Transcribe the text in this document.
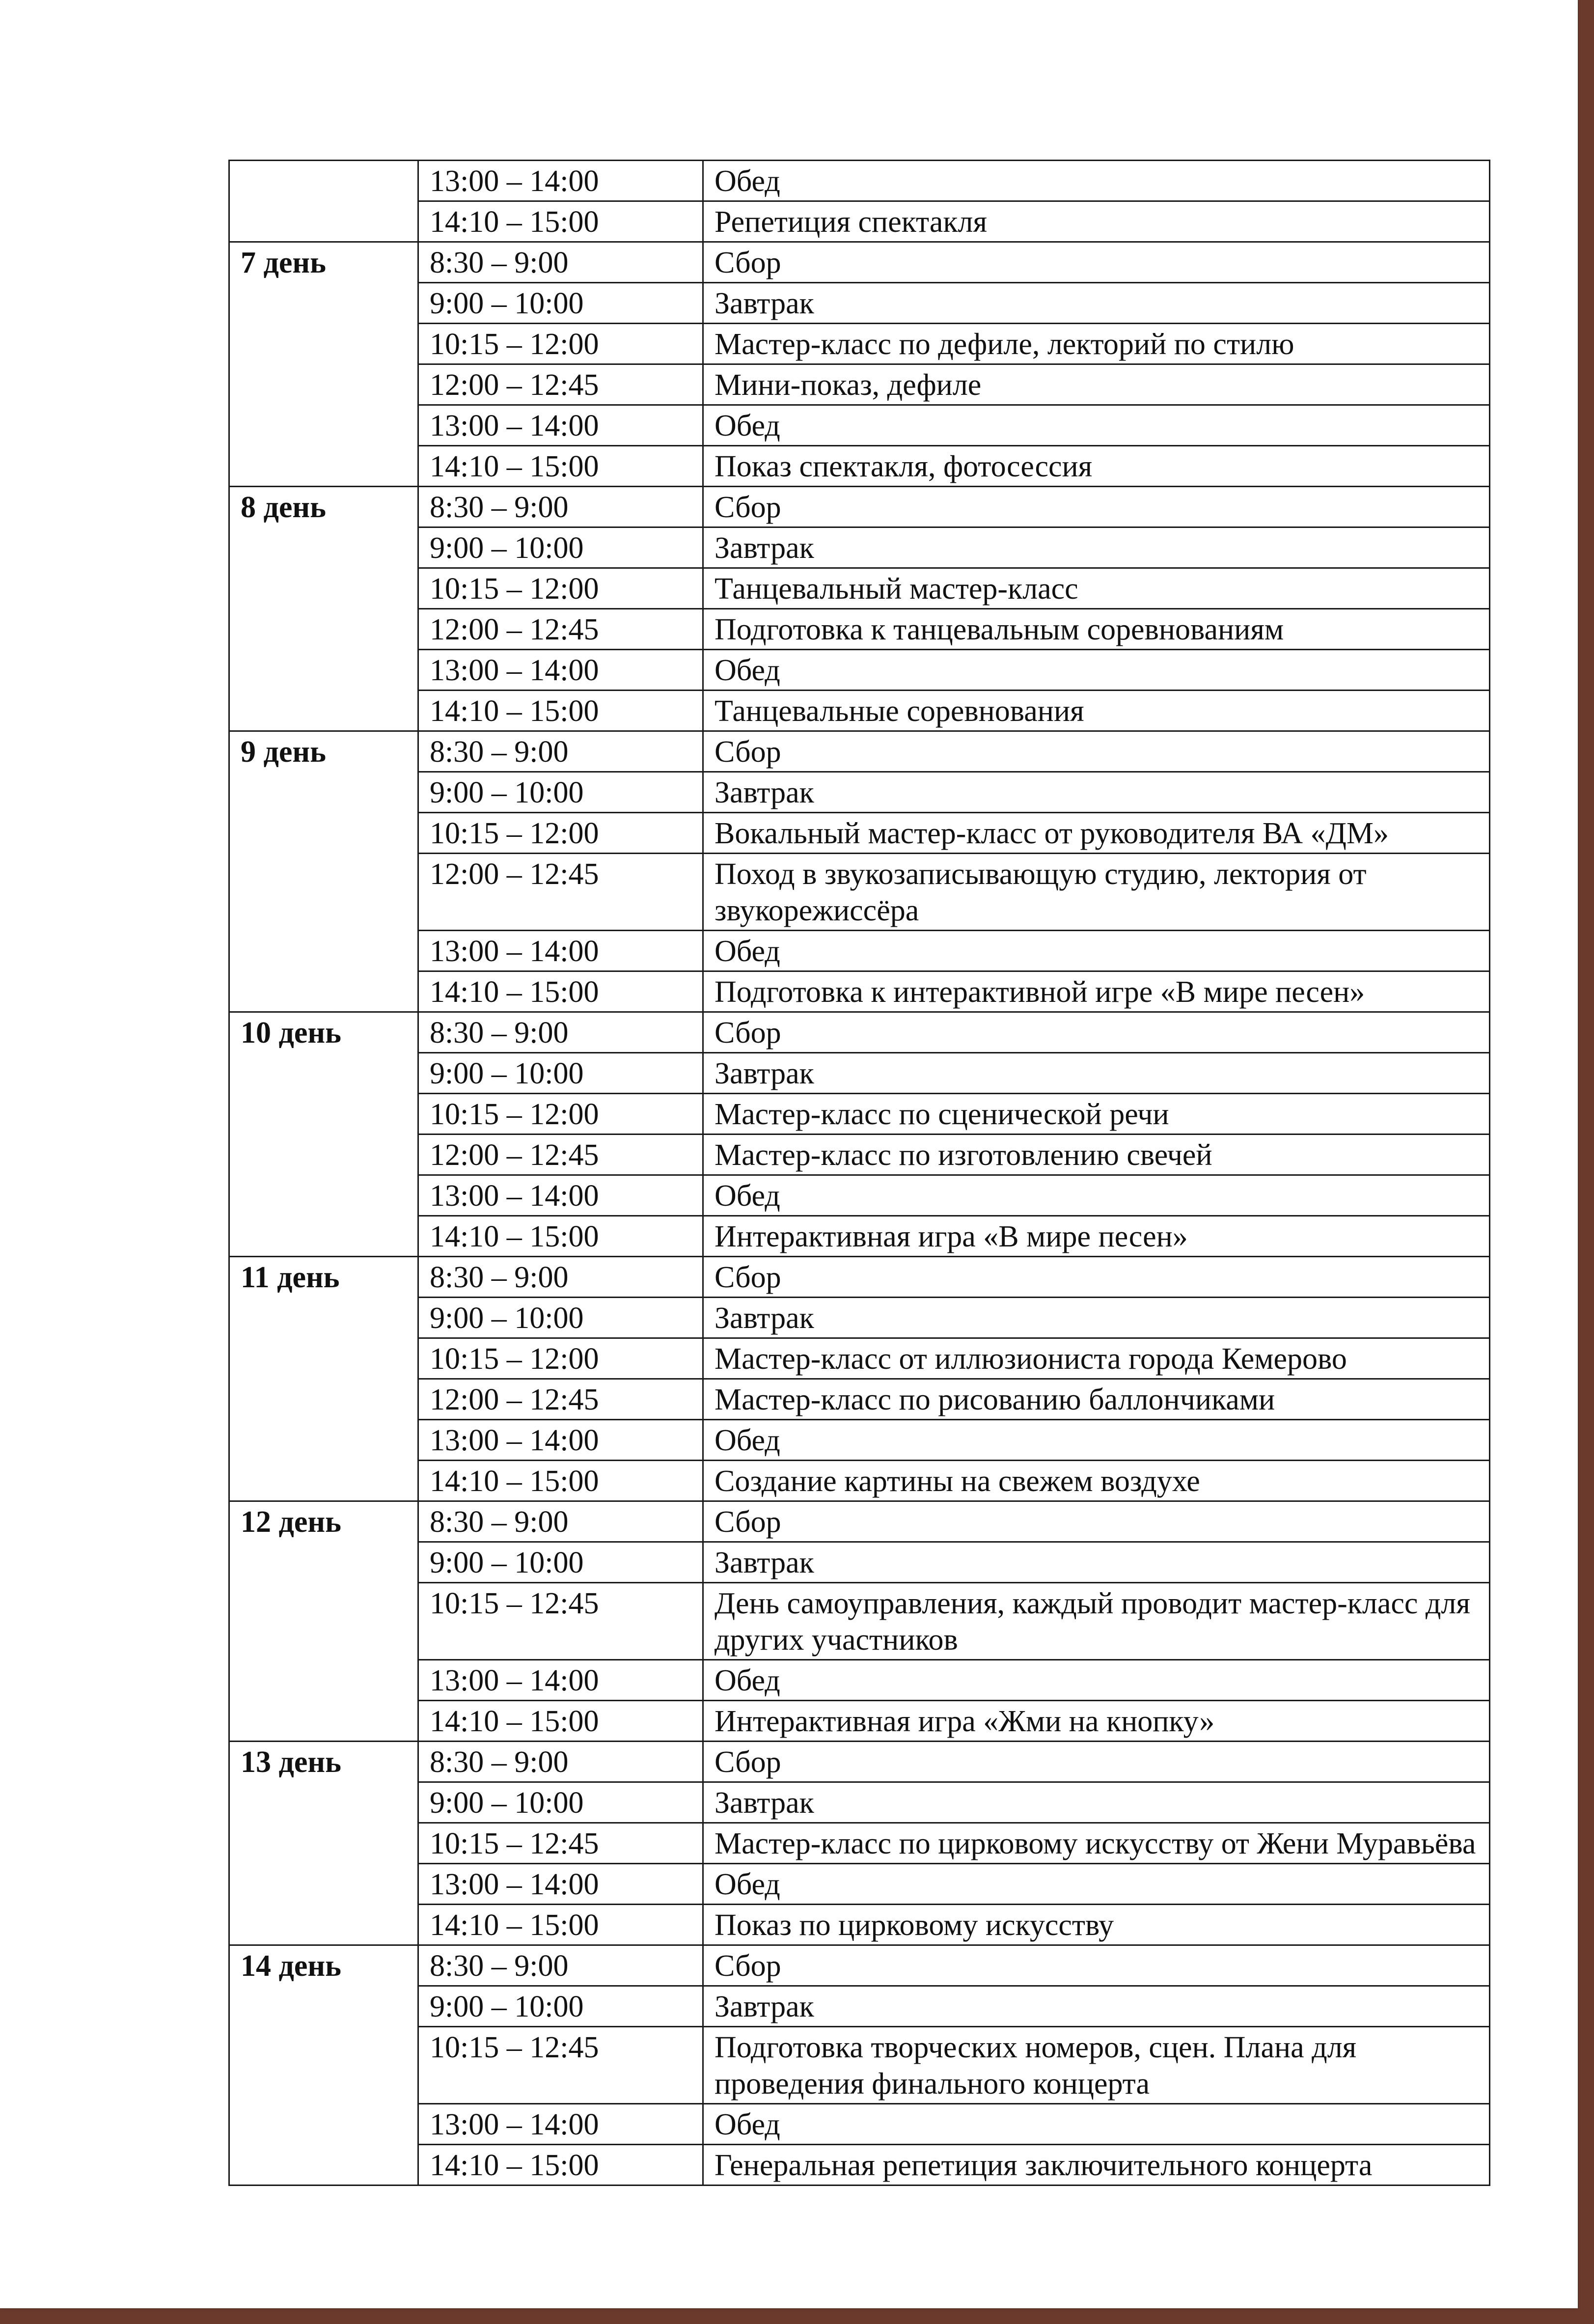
	13:00 – 14:00	Обед
	14:10 – 15:00	Репетиция спектакля
7 день	8:30 – 9:00	Сбор
	9:00 – 10:00	Завтрак
	10:15 – 12:00	Мастер-класс по дефиле, лекторий по стилю
	12:00 – 12:45	Мини-показ, дефиле
	13:00 – 14:00	Обед
	14:10 – 15:00	Показ спектакля, фотосессия
8 день	8:30 – 9:00	Сбор
	9:00 – 10:00	Завтрак
	10:15 – 12:00	Танцевальный мастер-класс
	12:00 – 12:45	Подготовка к танцевальным соревнованиям
	13:00 – 14:00	Обед
	14:10 – 15:00	Танцевальные соревнования
9 день	8:30 – 9:00	Сбор
	9:00 – 10:00	Завтрак
	10:15 – 12:00	Вокальный мастер-класс от руководителя ВА «ДМ»
	12:00 – 12:45	Поход в звукозаписывающую студию, лектория от звукорежиссёра
	13:00 – 14:00	Обед
	14:10 – 15:00	Подготовка к интерактивной игре «В мире песен»
10 день	8:30 – 9:00	Сбор
	9:00 – 10:00	Завтрак
	10:15 – 12:00	Мастер-класс по сценической речи
	12:00 – 12:45	Мастер-класс по изготовлению свечей
	13:00 – 14:00	Обед
	14:10 – 15:00	Интерактивная игра «В мире песен»
11 день	8:30 – 9:00	Сбор
	9:00 – 10:00	Завтрак
	10:15 – 12:00	Мастер-класс от иллюзиониста города Кемерово
	12:00 – 12:45	Мастер-класс по рисованию баллончиками
	13:00 – 14:00	Обед
	14:10 – 15:00	Создание картины на свежем воздухе
12 день	8:30 – 9:00	Сбор
	9:00 – 10:00	Завтрак
	10:15 – 12:45	День самоуправления, каждый проводит мастер-класс для других участников
	13:00 – 14:00	Обед
	14:10 – 15:00	Интерактивная игра «Жми на кнопку»
13 день	8:30 – 9:00	Сбор
	9:00 – 10:00	Завтрак
	10:15 – 12:45	Мастер-класс по цирковому искусству от Жени Муравьёва
	13:00 – 14:00	Обед
	14:10 – 15:00	Показ по цирковому искусству
14 день	8:30 – 9:00	Сбор
	9:00 – 10:00	Завтрак
	10:15 – 12:45	Подготовка творческих номеров, сцен. Плана для проведения финального концерта
	13:00 – 14:00	Обед
	14:10 – 15:00	Генеральная репетиция заключительного концерта
